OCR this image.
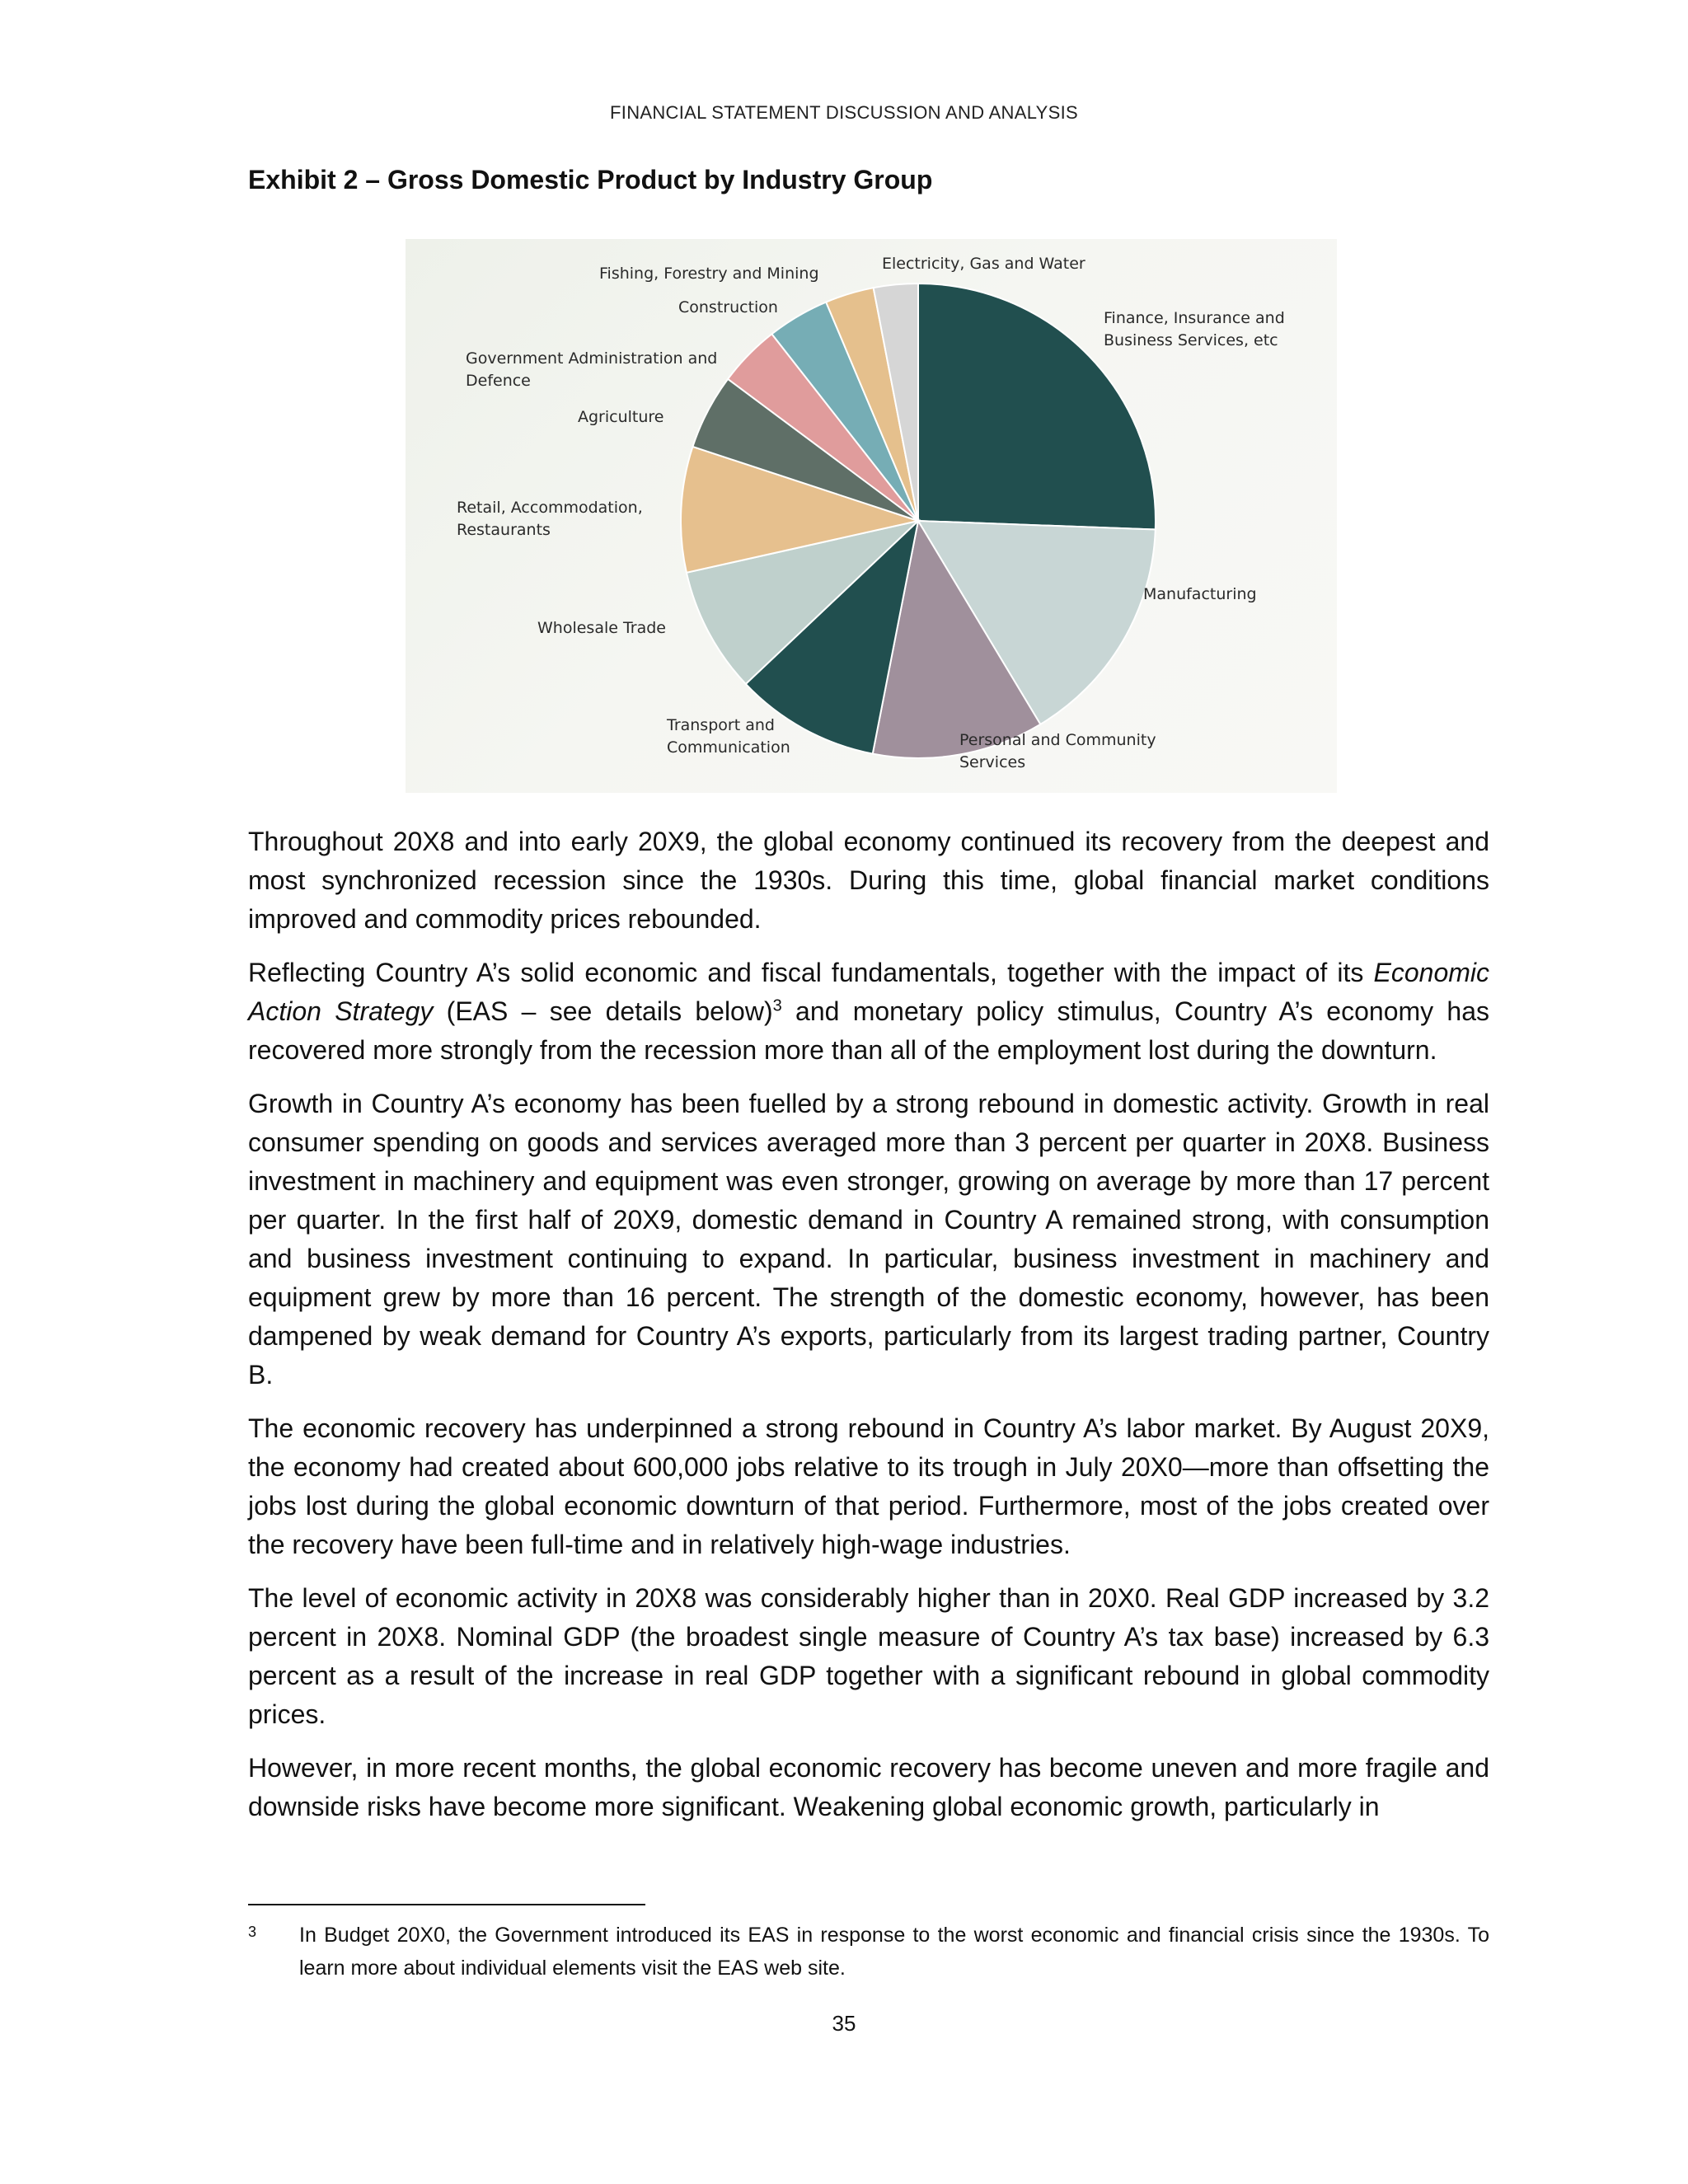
FINANCIAL STATEMENT DISCUSSION AND ANALYSIS
Exhibit 2 – Gross Domestic Product by Industry Group
Fishing, Forestry and Mining
Electricity, Gas and Water
Construction
Finance, Insurance and Business Services, etc
Government Administration and Defence
Agriculture
Retail, Accommodation, Restaurants
Manufacturing
Wholesale Trade
Transport and Communication	Personal and Community Services

Throughout 20X8 and into early 20X9, the global economy continued its recovery from the deepest and most synchronized recession since the 1930s. During this time, global financial market conditions improved and commodity prices rebounded.

Reflecting Country A’s solid economic and fiscal fundamentals, together with the impact of its Economic Action Strategy (EAS – see details below)$^3$ and monetary policy stimulus, Country A’s economy has recovered more strongly from the recession more than all of the employment lost during the downturn.

Growth in Country A’s economy has been fuelled by a strong rebound in domestic activity. Growth in real consumer spending on goods and services averaged more than 3 percent per quarter in 20X8. Business investment in machinery and equipment was even stronger, growing on average by more than 17 percent per quarter. In the first half of 20X9, domestic demand in Country A remained strong, with consumption and business investment continuing to expand. In particular, business investment in machinery and equipment grew by more than 16 percent. The strength of the domestic economy, however, has been dampened by weak demand for Country A’s exports, particularly from its largest trading partner, Country B.

The economic recovery has underpinned a strong rebound in Country A’s labor market. By August 20X9, the economy had created about 600,000 jobs relative to its trough in July 20X0—more than offsetting the jobs lost during the global economic downturn of that period. Furthermore, most of the jobs created over the recovery have been full-time and in relatively high-wage industries.

The level of economic activity in 20X8 was considerably higher than in 20X0. Real GDP increased by 3.2 percent in 20X8. Nominal GDP (the broadest single measure of Country A’s tax base) increased by 6.3 percent as a result of the increase in real GDP together with a significant rebound in global commodity prices.

However, in more recent months, the global economic recovery has become uneven and more fragile and downside risks have become more significant. Weakening global economic growth, particularly in

3 In Budget 20X0, the Government introduced its EAS in response to the worst economic and financial crisis since the 1930s. To learn more about individual elements visit the EAS web site.
35
